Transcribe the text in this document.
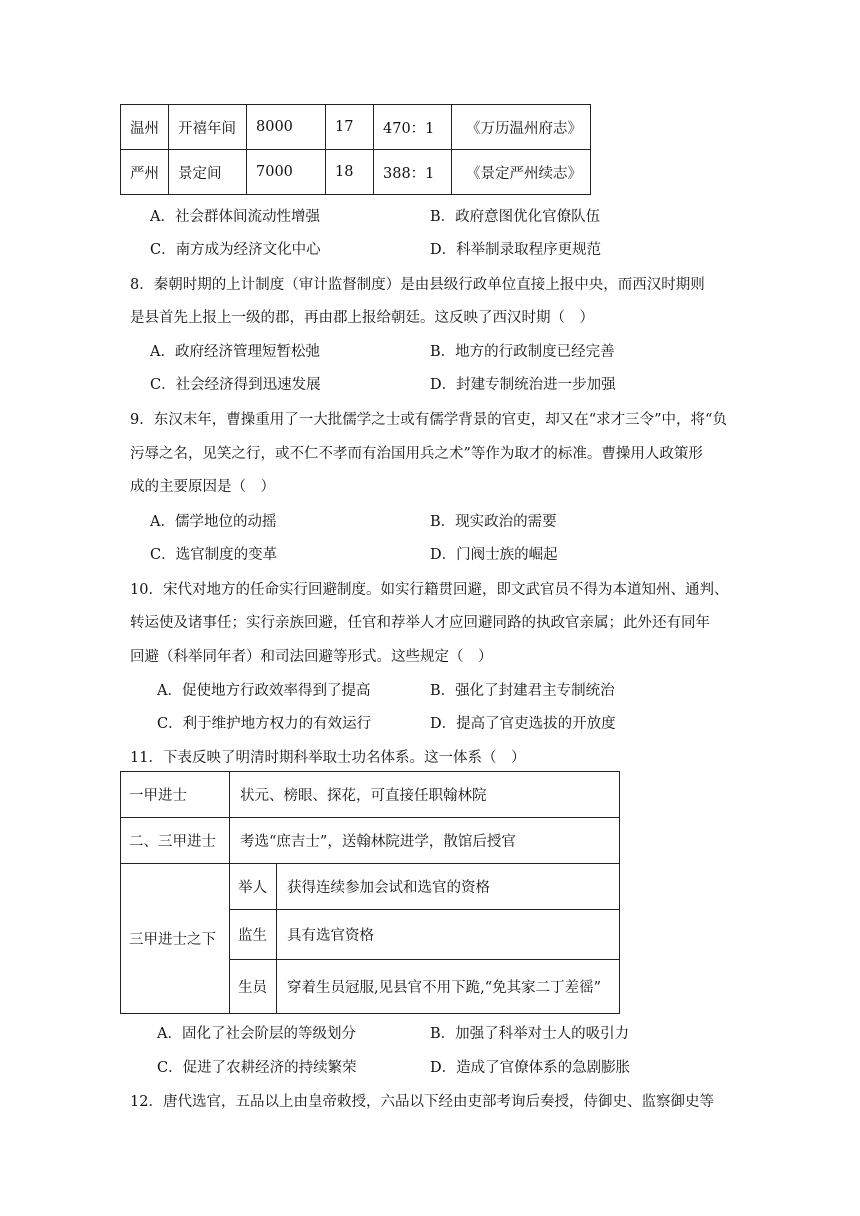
温州	开禧年间	8000	17	470：1	《万历温州府志》
严州	景定间	7000	18	388：1	《景定严州续志》
A．社会群体间流动性增强	B．政府意图优化官僚队伍
C．南方成为经济文化中心	D．科举制录取程序更规范
8．秦朝时期的上计制度（审计监督制度）是由县级行政单位直接上报中央，而西汉时期则
是县首先上报上一级的郡，再由郡上报给朝廷。这反映了西汉时期（　）
A．政府经济管理短暂松弛	B．地方的行政制度已经完善
C．社会经济得到迅速发展	D．封建专制统治进一步加强
9．东汉末年，曹操重用了一大批儒学之士或有儒学背景的官吏，却又在“求才三令”中，将“负
污辱之名，见笑之行，或不仁不孝而有治国用兵之术”等作为取才的标准。曹操用人政策形
成的主要原因是（　）
A．儒学地位的动摇	B．现实政治的需要
C．选官制度的变革	D．门阀士族的崛起
10．宋代对地方的任命实行回避制度。如实行籍贯回避，即文武官员不得为本道知州、通判、
转运使及诸事任；实行亲族回避，任官和荐举人才应回避同路的执政官亲属；此外还有同年
回避（科举同年者）和司法回避等形式。这些规定（　）
A．促使地方行政效率得到了提高	B．强化了封建君主专制统治
C．利于维护地方权力的有效运行	D．提高了官吏选拔的开放度
11．下表反映了明清时期科举取士功名体系。这一体系（　）
一甲进士	状元、榜眼、探花，可直接任职翰林院	
二、三甲进士	考选“庶吉士”，送翰林院进学，散馆后授官	
三甲进士之下	举人	获得连续参加会试和选官的资格
	监生	具有选官资格
	生员	穿着生员冠服,见县官不用下跪,“免其家二丁差徭”
A．固化了社会阶层的等级划分	B．加强了科举对士人的吸引力
C．促进了农耕经济的持续繁荣	D．造成了官僚体系的急剧膨胀
12．唐代选官，五品以上由皇帝敕授，六品以下经由吏部考询后奏授，侍御史、监察御史等
